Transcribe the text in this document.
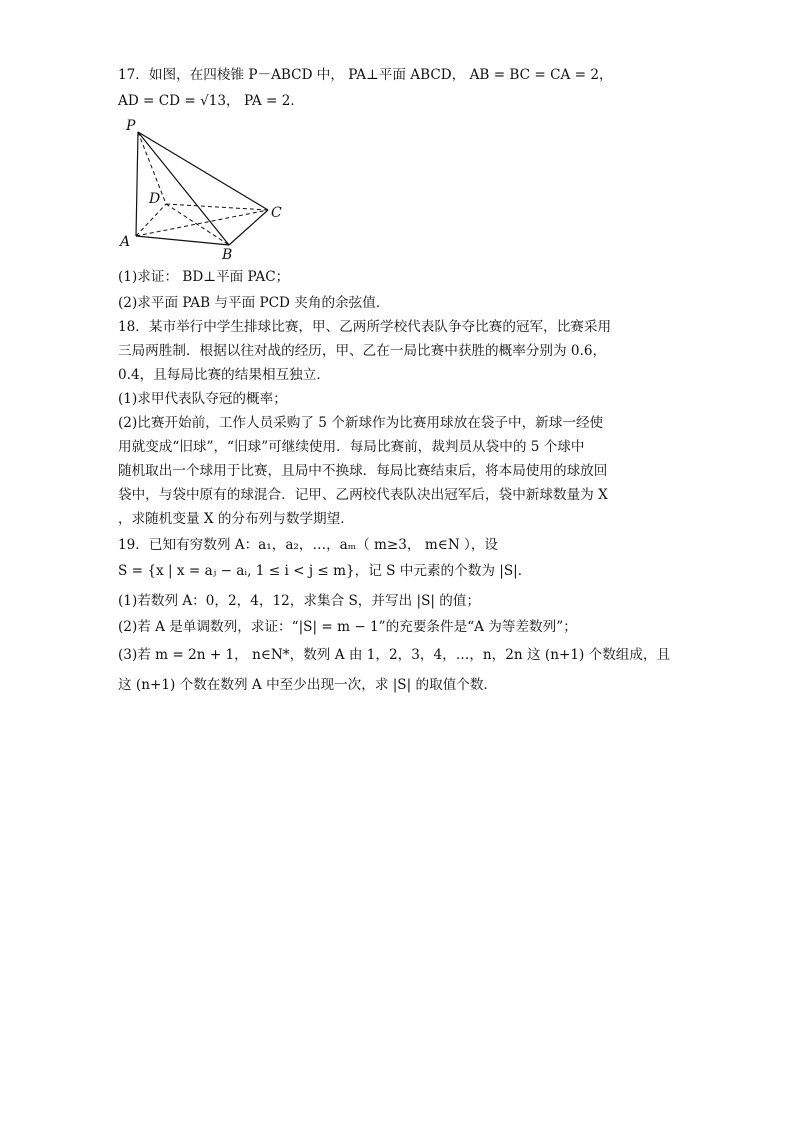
17．如图，在四棱锥 P－ABCD 中， PA⊥平面 ABCD， AB = BC = CA = 2，
AD = CD = √13， PA = 2．
P
D
C
A
B
(1)求证： BD⊥平面 PAC；
(2)求平面 PAB 与平面 PCD 夹角的余弦值．
18．某市举行中学生排球比赛，甲、乙两所学校代表队争夺比赛的冠军，比赛采用
三局两胜制．根据以往对战的经历，甲、乙在一局比赛中获胜的概率分别为 0.6，
0.4，且每局比赛的结果相互独立．
(1)求甲代表队夺冠的概率；
(2)比赛开始前，工作人员采购了 5 个新球作为比赛用球放在袋子中，新球一经使
用就变成“旧球”，“旧球”可继续使用．每局比赛前，裁判员从袋中的 5 个球中
随机取出一个球用于比赛，且局中不换球．每局比赛结束后，将本局使用的球放回
袋中，与袋中原有的球混合．记甲、乙两校代表队决出冠军后，袋中新球数量为 X
，求随机变量 X 的分布列与数学期望．
19．已知有穷数列 A：a₁，a₂，…，aₘ（ m≥3， m∈N ），设
S = {x | x = aⱼ − aᵢ, 1 ≤ i < j ≤ m}，记 S 中元素的个数为 |S|．
(1)若数列 A：0，2，4，12，求集合 S，并写出 |S| 的值；
(2)若 A 是单调数列，求证：“|S| = m − 1”的充要条件是“A 为等差数列”；
(3)若 m = 2n + 1， n∈N*，数列 A 由 1，2，3，4，…，n，2n 这 (n+1) 个数组成，且
这 (n+1) 个数在数列 A 中至少出现一次，求 |S| 的取值个数．
